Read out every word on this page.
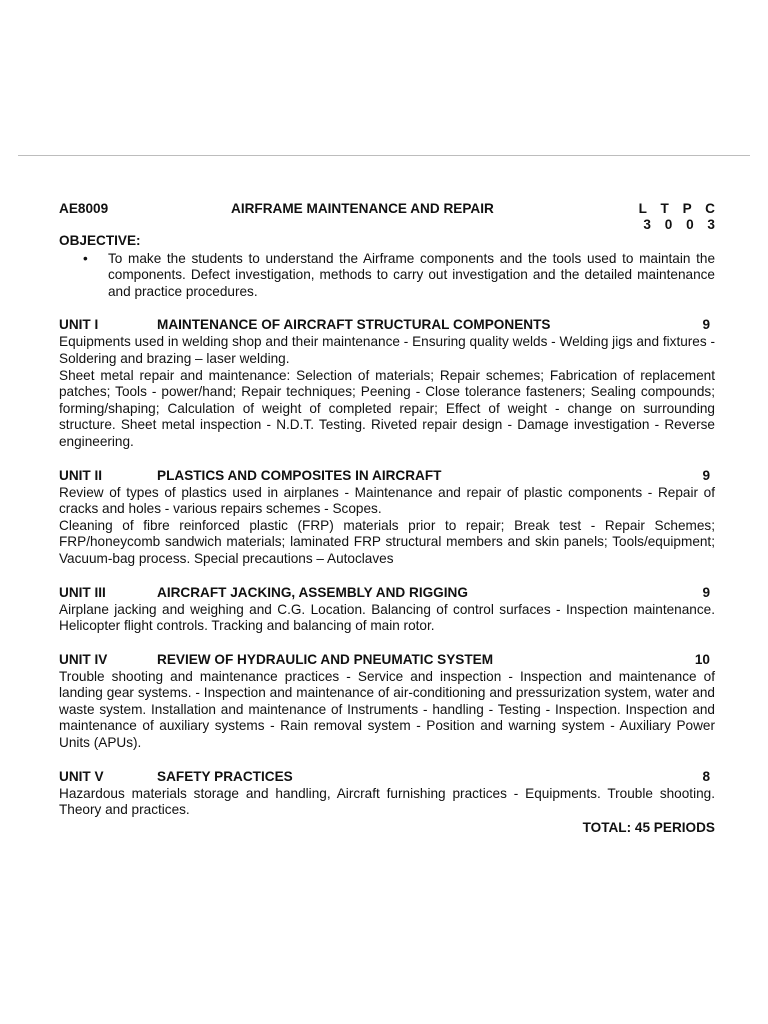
AE8009	AIRFRAME MAINTENANCE AND REPAIR	L T P C
3 0 0 3
OBJECTIVE:
• To make the students to understand the Airframe components and the tools used to maintain the components. Defect investigation, methods to carry out investigation and the detailed maintenance and practice procedures.
UNIT I	MAINTENANCE OF AIRCRAFT STRUCTURAL COMPONENTS	9

Equipments used in welding shop and their maintenance - Ensuring quality welds - Welding jigs and fixtures - Soldering and brazing – laser welding.

Sheet metal repair and maintenance: Selection of materials; Repair schemes; Fabrication of replacement patches; Tools - power/hand; Repair techniques; Peening - Close tolerance fasteners; Sealing compounds; forming/shaping; Calculation of weight of completed repair; Effect of weight - change on surrounding structure. Sheet metal inspection - N.D.T. Testing. Riveted repair design - Damage investigation - Reverse engineering.

UNIT II	PLASTICS AND COMPOSITES IN AIRCRAFT	9

Review of types of plastics used in airplanes - Maintenance and repair of plastic components - Repair of cracks and holes - various repairs schemes - Scopes.

Cleaning of fibre reinforced plastic (FRP) materials prior to repair; Break test - Repair Schemes; FRP/honeycomb sandwich materials; laminated FRP structural members and skin panels; Tools/equipment; Vacuum-bag process. Special precautions – Autoclaves

UNIT III	AIRCRAFT JACKING, ASSEMBLY AND RIGGING	9

Airplane jacking and weighing and C.G. Location. Balancing of control surfaces - Inspection maintenance. Helicopter flight controls. Tracking and balancing of main rotor.

UNIT IV	REVIEW OF HYDRAULIC AND PNEUMATIC SYSTEM	10

Trouble shooting and maintenance practices - Service and inspection - Inspection and maintenance of landing gear systems. - Inspection and maintenance of air-conditioning and pressurization system, water and waste system. Installation and maintenance of Instruments - handling - Testing - Inspection. Inspection and maintenance of auxiliary systems - Rain removal system - Position and warning system - Auxiliary Power Units (APUs).

UNIT V	SAFETY PRACTICES	8

Hazardous materials storage and handling, Aircraft furnishing practices - Equipments. Trouble shooting. Theory and practices.

TOTAL: 45 PERIODS
